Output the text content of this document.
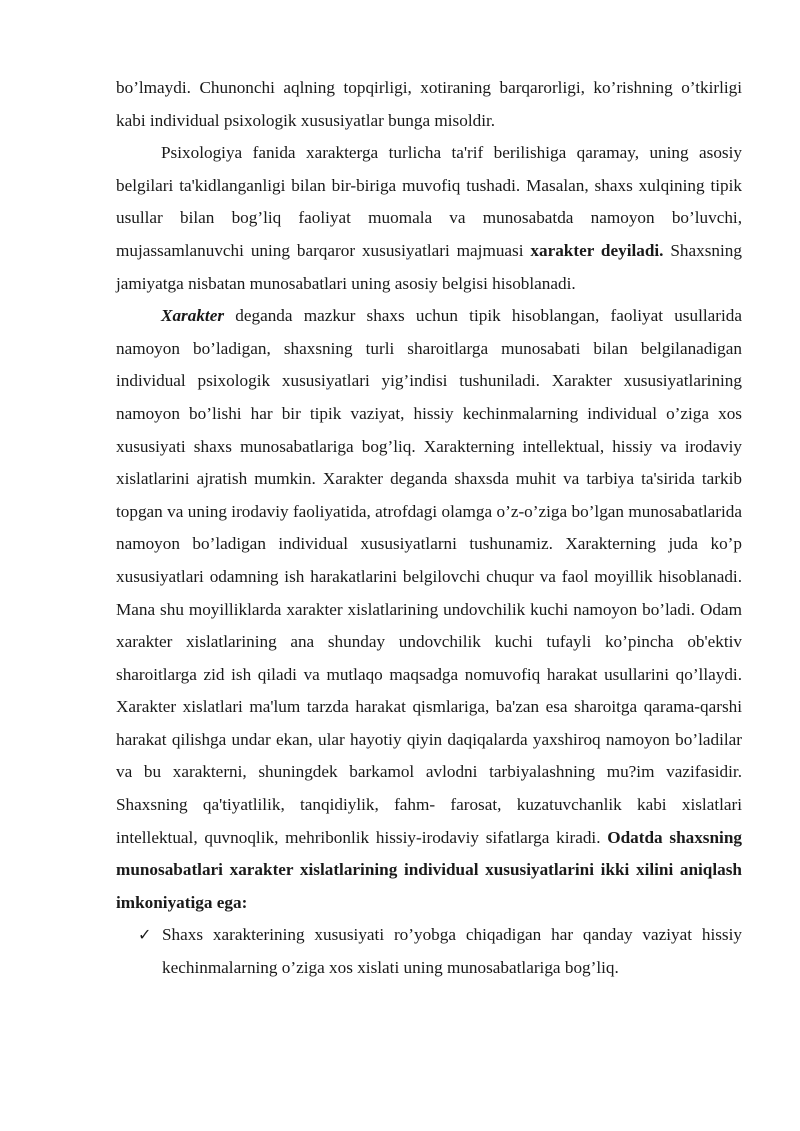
bo’lmaydi. Chunonchi aqlning topqirligi, xotiraning barqarorligi, ko’rishning o’tkirligi kabi individual psixologik xususiyatlar bunga misoldir.

Psixologiya fanida xarakterga turlicha ta'rif berilishiga qaramay, uning asosiy belgilari ta'kidlanganligi bilan bir-biriga muvofiq tushadi. Masalan, shaxs xulqining tipik usullar bilan bog’liq faoliyat muomala va munosabatda namoyon bo’luvchi, mujassamlanuvchi uning barqaror xususiyatlari majmuasi xarakter deyiladi. Shaxsning jamiyatga nisbatan munosabatlari uning asosiy belgisi hisoblanadi.

Xarakter deganda mazkur shaxs uchun tipik hisoblangan, faoliyat usullarida namoyon bo’ladigan, shaxsning turli sharoitlarga munosabati bilan belgilanadigan individual psixologik xususiyatlari yig’indisi tushuniladi. Xarakter xususiyatlarining namoyon bo’lishi har bir tipik vaziyat, hissiy kechinmalarning individual o’ziga xos xususiyati shaxs munosabatlariga bog’liq. Xarakterning intellektual, hissiy va irodaviy xislatlarini ajratish mumkin. Xarakter deganda shaxsda muhit va tarbiya ta'sirida tarkib topgan va uning irodaviy faoliyatida, atrofdagi olamga o’z-o’ziga bo’lgan munosabatlarida namoyon bo’ladigan individual xususiyatlarni tushunamiz. Xarakterning juda ko’p xususiyatlari odamning ish harakatlarini belgilovchi chuqur va faol moyillik hisoblanadi. Mana shu moyilliklarda xarakter xislatlarining undovchilik kuchi namoyon bo’ladi. Odam xarakter xislatlarining ana shunday undovchilik kuchi tufayli ko’pincha ob'ektiv sharoitlarga zid ish qiladi va mutlaqo maqsadga nomuvofiq harakat usullarini qo’llaydi. Xarakter xislatlari ma'lum tarzda harakat qismlariga, ba'zan esa sharoitga qarama-qarshi harakat qilishga undar ekan, ular hayotiy qiyin daqiqalarda yaxshiroq namoyon bo’ladilar va bu xarakterni, shuningdek barkamol avlodni tarbiyalashning mu?im vazifasidir. Shaxsning qa'tiyatlilik, tanqidiylik, fahm- farosat, kuzatuvchanlik kabi xislatlari intellektual, quvnoqlik, mehribonlik hissiy-irodaviy sifatlarga kiradi. Odatda shaxsning munosabatlari xarakter xislatlarining individual xususiyatlarini ikki xilini aniqlash imkoniyatiga ega:

✓ Shaxs xarakterining xususiyati ro’yobga chiqadigan har qanday vaziyat hissiy kechinmalarning o’ziga xos xislati uning munosabatlariga bog’liq.
